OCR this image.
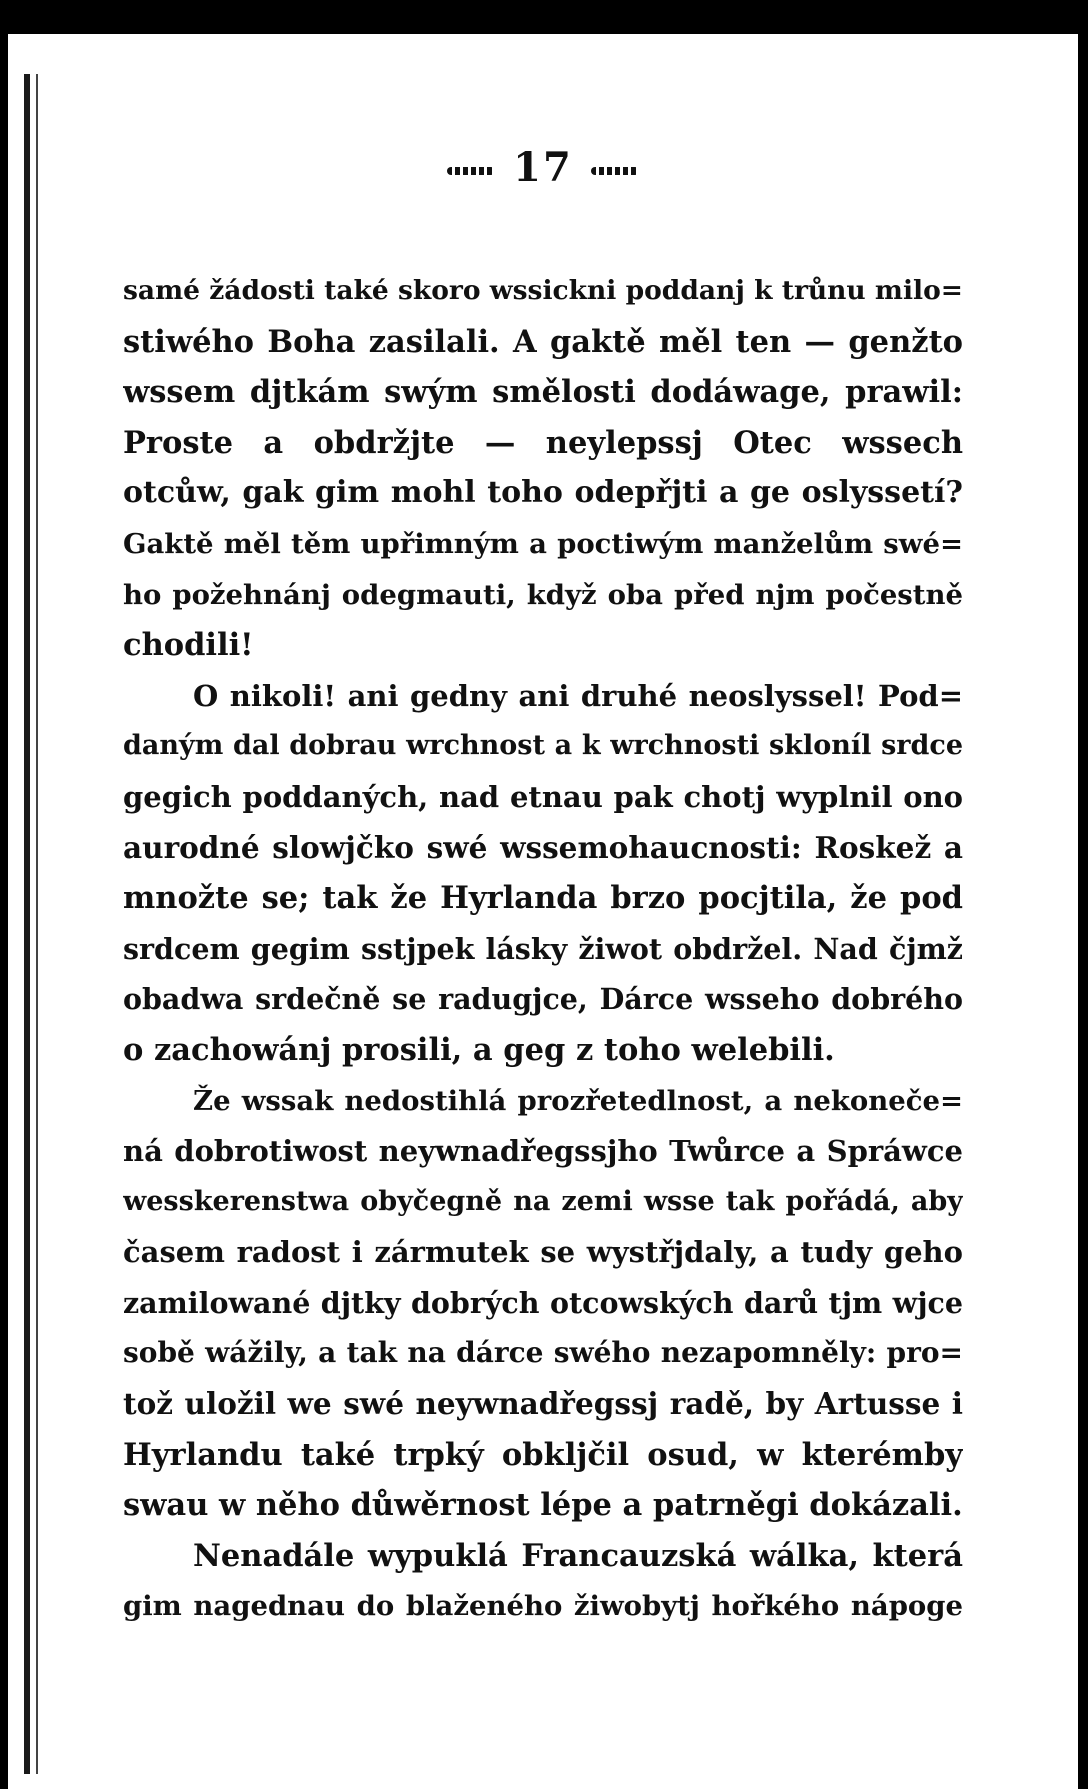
17
samé žádosti také skoro wssickni poddanj k trůnu milo=
stiwého Boha zasilali. A gaktě měl ten — genžto
wssem djtkám swým smělosti dodáwage, prawil:
Proste a obdržjte — neylepssj Otec wssech
otcůw, gak gim mohl toho odepřjti a ge oslyssetí?
Gaktě měl těm upřimným a poctiwým manželům swé=
ho požehnánj odegmauti, když oba před njm počestně
chodili!
O nikoli! ani gedny ani druhé neoslyssel! Pod=
daným dal dobrau wrchnost a k wrchnosti skloníl srdce
gegich poddaných, nad etnau pak chotj wyplnil ono
aurodné slowjčko swé wssemohaucnosti: Roskež a
množte se; tak že Hyrlanda brzo pocjtila, že pod
srdcem gegim sstjpek lásky žiwot obdržel. Nad čjmž
obadwa srdečně se radugjce, Dárce wsseho dobrého
o zachowánj prosili, a geg z toho welebili.
Že wssak nedostihlá prozřetedlnost, a nekoneče=
ná dobrotiwost neywnadřegssjho Twůrce a Spráwce
wesskerenstwa obyčegně na zemi wsse tak pořádá, aby
časem radost i zármutek se wystřjdaly, a tudy geho
zamilowané djtky dobrých otcowských darů tjm wjce
sobě wážily, a tak na dárce swého nezapomněly: pro=
tož uložil we swé neywnadřegssj radě, by Artusse i
Hyrlandu také trpký obkljčil osud, w kterémby
swau w něho důwěrnost lépe a patrněgi dokázali.
Nenadále wypuklá Francauzská wálka, která
gim nagednau do blaženého žiwobytj hořkého nápoge
